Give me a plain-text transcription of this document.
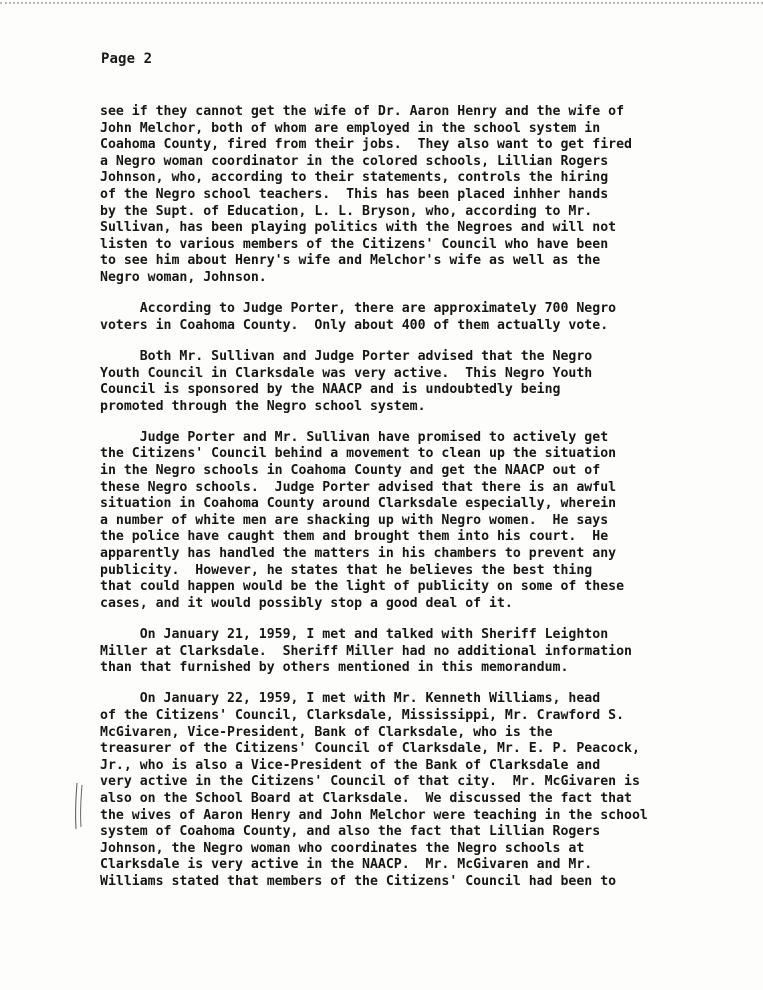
Page 2
see if they cannot get the wife of Dr. Aaron Henry and the wife of
John Melchor, both of whom are employed in the school system in
Coahoma County, fired from their jobs.  They also want to get fired
a Negro woman coordinator in the colored schools, Lillian Rogers
Johnson, who, according to their statements, controls the hiring
of the Negro school teachers.  This has been placed inhher hands
by the Supt. of Education, L. L. Bryson, who, according to Mr.
Sullivan, has been playing politics with the Negroes and will not
listen to various members of the Citizens' Council who have been
to see him about Henry's wife and Melchor's wife as well as the
Negro woman, Johnson.
According to Judge Porter, there are approximately 700 Negro
voters in Coahoma County.  Only about 400 of them actually vote.
Both Mr. Sullivan and Judge Porter advised that the Negro
Youth Council in Clarksdale was very active.  This Negro Youth
Council is sponsored by the NAACP and is undoubtedly being
promoted through the Negro school system.
Judge Porter and Mr. Sullivan have promised to actively get
the Citizens' Council behind a movement to clean up the situation
in the Negro schools in Coahoma County and get the NAACP out of
these Negro schools.  Judge Porter advised that there is an awful
situation in Coahoma County around Clarksdale especially, wherein
a number of white men are shacking up with Negro women.  He says
the police have caught them and brought them into his court.  He
apparently has handled the matters in his chambers to prevent any
publicity.  However, he states that he believes the best thing
that could happen would be the light of publicity on some of these
cases, and it would possibly stop a good deal of it.
On January 21, 1959, I met and talked with Sheriff Leighton
Miller at Clarksdale.  Sheriff Miller had no additional information
than that furnished by others mentioned in this memorandum.
On January 22, 1959, I met with Mr. Kenneth Williams, head
of the Citizens' Council, Clarksdale, Mississippi, Mr. Crawford S.
McGivaren, Vice-President, Bank of Clarksdale, who is the
treasurer of the Citizens' Council of Clarksdale, Mr. E. P. Peacock,
Jr., who is also a Vice-President of the Bank of Clarksdale and
very active in the Citizens' Council of that city.  Mr. McGivaren is
also on the School Board at Clarksdale.  We discussed the fact that
the wives of Aaron Henry and John Melchor were teaching in the school
system of Coahoma County, and also the fact that Lillian Rogers
Johnson, the Negro woman who coordinates the Negro schools at
Clarksdale is very active in the NAACP.  Mr. McGivaren and Mr.
Williams stated that members of the Citizens' Council had been to
